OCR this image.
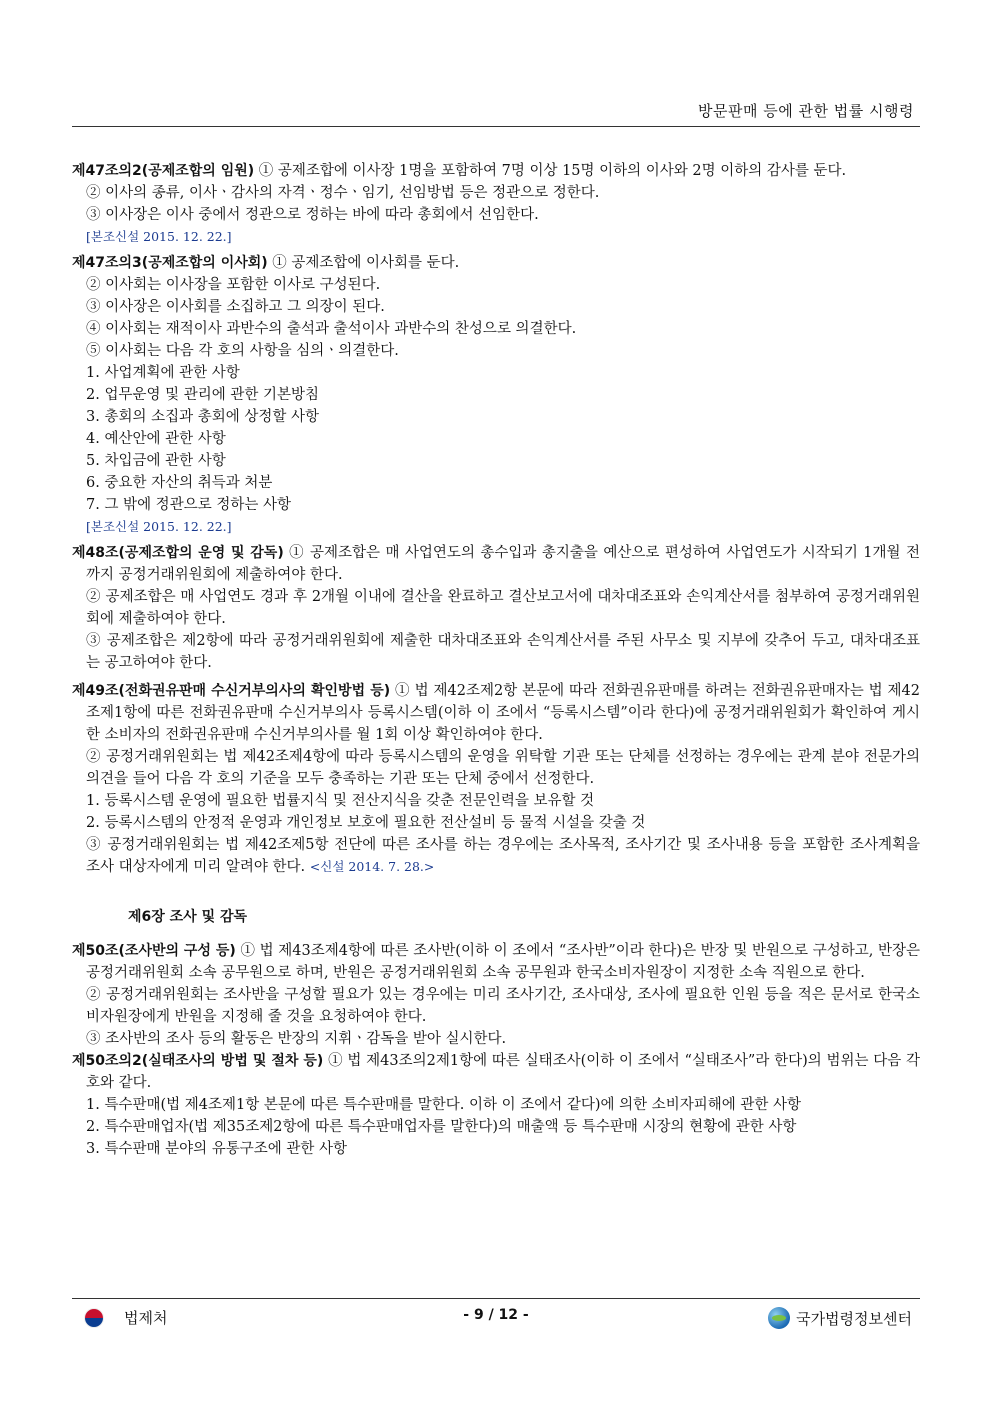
방문판매 등에 관한 법률 시행령

제47조의2(공제조합의 임원) ① 공제조합에 이사장 1명을 포함하여 7명 이상 15명 이하의 이사와 2명 이하의 감사를 둔다.

② 이사의 종류, 이사ㆍ감사의 자격ㆍ정수ㆍ임기, 선임방법 등은 정관으로 정한다.

③ 이사장은 이사 중에서 정관으로 정하는 바에 따라 총회에서 선임한다.

[본조신설 2015. 12. 22.]

제47조의3(공제조합의 이사회) ① 공제조합에 이사회를 둔다.

② 이사회는 이사장을 포함한 이사로 구성된다.

③ 이사장은 이사회를 소집하고 그 의장이 된다.

④ 이사회는 재적이사 과반수의 출석과 출석이사 과반수의 찬성으로 의결한다.

⑤ 이사회는 다음 각 호의 사항을 심의ㆍ의결한다.

1. 사업계획에 관한 사항

2. 업무운영 및 관리에 관한 기본방침

3. 총회의 소집과 총회에 상정할 사항

4. 예산안에 관한 사항

5. 차입금에 관한 사항

6. 중요한 자산의 취득과 처분

7. 그 밖에 정관으로 정하는 사항

[본조신설 2015. 12. 22.]

제48조(공제조합의 운영 및 감독) ① 공제조합은 매 사업연도의 총수입과 총지출을 예산으로 편성하여 사업연도가 시작되기 1개월 전까지 공정거래위원회에 제출하여야 한다.

② 공제조합은 매 사업연도 경과 후 2개월 이내에 결산을 완료하고 결산보고서에 대차대조표와 손익계산서를 첨부하여 공정거래위원회에 제출하여야 한다.

③ 공제조합은 제2항에 따라 공정거래위원회에 제출한 대차대조표와 손익계산서를 주된 사무소 및 지부에 갖추어 두고, 대차대조표는 공고하여야 한다.

제49조(전화권유판매 수신거부의사의 확인방법 등) ① 법 제42조제2항 본문에 따라 전화권유판매를 하려는 전화권유판매자는 법 제42조제1항에 따른 전화권유판매 수신거부의사 등록시스템(이하 이 조에서 “등록시스템”이라 한다)에 공정거래위원회가 확인하여 게시한 소비자의 전화권유판매 수신거부의사를 월 1회 이상 확인하여야 한다.

② 공정거래위원회는 법 제42조제4항에 따라 등록시스템의 운영을 위탁할 기관 또는 단체를 선정하는 경우에는 관계 분야 전문가의 의견을 들어 다음 각 호의 기준을 모두 충족하는 기관 또는 단체 중에서 선정한다.

1. 등록시스템 운영에 필요한 법률지식 및 전산지식을 갖춘 전문인력을 보유할 것

2. 등록시스템의 안정적 운영과 개인정보 보호에 필요한 전산설비 등 물적 시설을 갖출 것

③ 공정거래위원회는 법 제42조제5항 전단에 따른 조사를 하는 경우에는 조사목적, 조사기간 및 조사내용 등을 포함한 조사계획을 조사 대상자에게 미리 알려야 한다. <신설 2014. 7. 28.>

제6장 조사 및 감독

제50조(조사반의 구성 등) ① 법 제43조제4항에 따른 조사반(이하 이 조에서 “조사반”이라 한다)은 반장 및 반원으로 구성하고, 반장은 공정거래위원회 소속 공무원으로 하며, 반원은 공정거래위원회 소속 공무원과 한국소비자원장이 지정한 소속 직원으로 한다.

② 공정거래위원회는 조사반을 구성할 필요가 있는 경우에는 미리 조사기간, 조사대상, 조사에 필요한 인원 등을 적은 문서로 한국소비자원장에게 반원을 지정해 줄 것을 요청하여야 한다.

③ 조사반의 조사 등의 활동은 반장의 지휘ㆍ감독을 받아 실시한다.

제50조의2(실태조사의 방법 및 절차 등) ① 법 제43조의2제1항에 따른 실태조사(이하 이 조에서 “실태조사”라 한다)의 범위는 다음 각 호와 같다.

1. 특수판매(법 제4조제1항 본문에 따른 특수판매를 말한다. 이하 이 조에서 같다)에 의한 소비자피해에 관한 사항

2. 특수판매업자(법 제35조제2항에 따른 특수판매업자를 말한다)의 매출액 등 특수판매 시장의 현황에 관한 사항

3. 특수판매 분야의 유통구조에 관한 사항

법제처	- 9 / 12 -	국가법령정보센터
